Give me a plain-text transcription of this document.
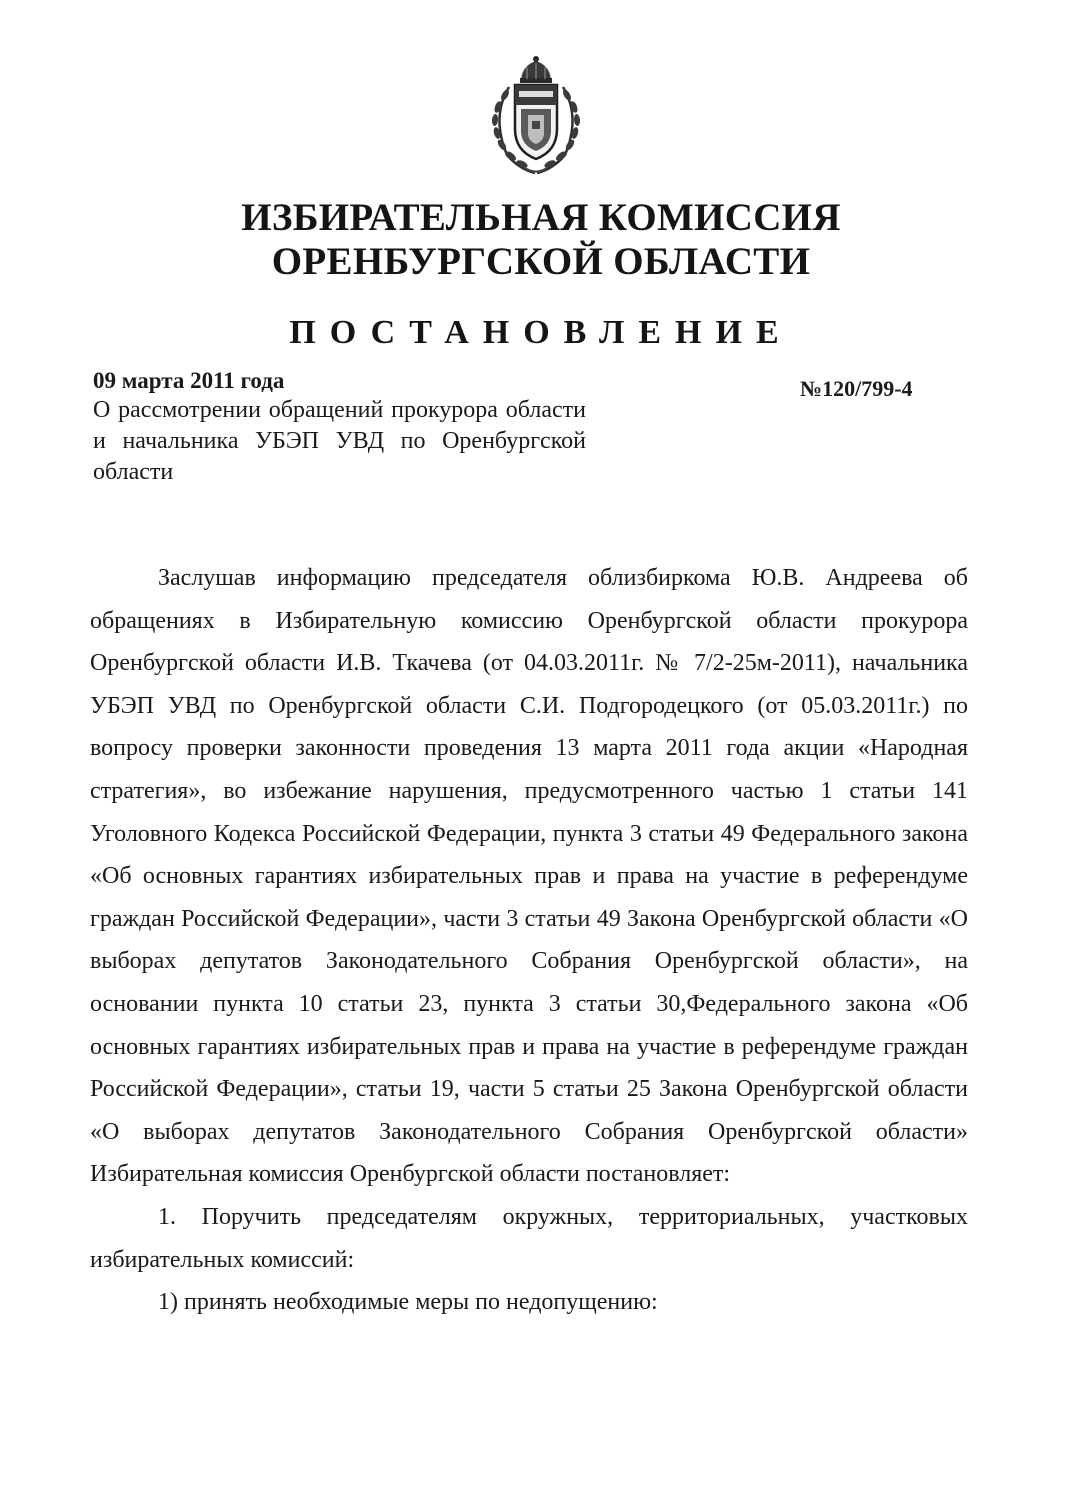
ИЗБИРАТЕЛЬНАЯ КОМИССИЯ
ОРЕНБУРГСКОЙ ОБЛАСТИ
ПОСТАНОВЛЕНИЕ
09 марта 2011 года	№120/799-4
О рассмотрении обращений прокурора области и начальника УБЭП УВД по Оренбургской области

Заслушав информацию председателя облизбиркома Ю.В. Андреева об обращениях в Избирательную комиссию Оренбургской области прокурора Оренбургской области И.В. Ткачева (от 04.03.2011г. № 7/2-25м-2011), начальника УБЭП УВД по Оренбургской области С.И. Подгородецкого (от 05.03.2011г.) по вопросу проверки законности проведения 13 марта 2011 года акции «Народная стратегия», во избежание нарушения, предусмотренного частью 1 статьи 141 Уголовного Кодекса Российской Федерации, пункта 3 статьи 49 Федерального закона «Об основных гарантиях избирательных прав и права на участие в референдуме граждан Российской Федерации», части 3 статьи 49 Закона Оренбургской области «О выборах депутатов Законодательного Собрания Оренбургской области», на основании пункта 10 статьи 23, пункта 3 статьи 30,Федерального закона «Об основных гарантиях избирательных прав и права на участие в референдуме граждан Российской Федерации», статьи 19, части 5 статьи 25 Закона Оренбургской области «О выборах депутатов Законодательного Собрания Оренбургской области» Избирательная комиссия Оренбургской области постановляет:

1. Поручить председателям окружных, территориальных, участковых избирательных комиссий:

1) принять необходимые меры по недопущению:
